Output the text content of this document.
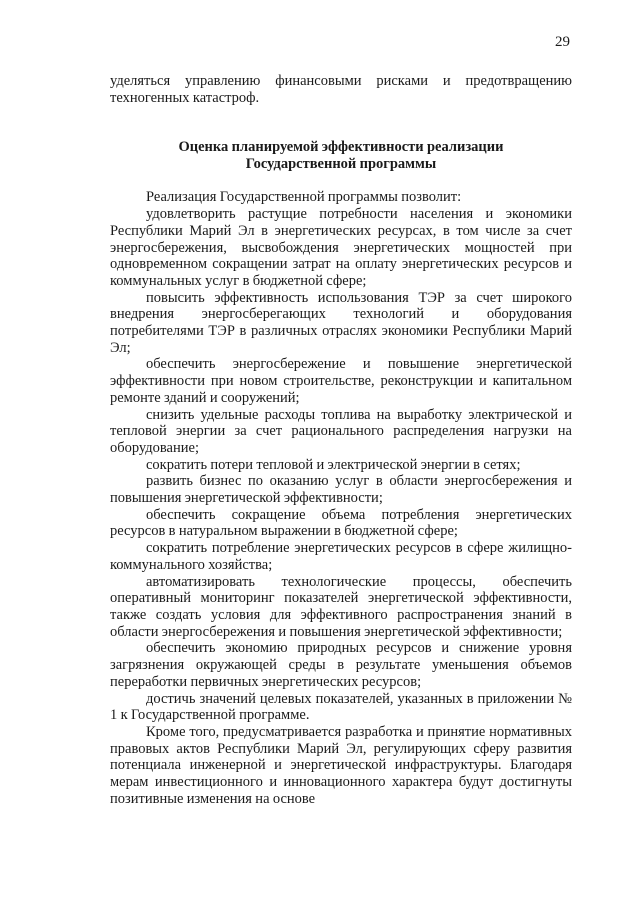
29

уделяться управлению финансовыми рисками и предотвращению техногенных катастроф.

Оценка планируемой эффективности реализации
Государственной программы

Реализация Государственной программы позволит:

удовлетворить растущие потребности населения и экономики Республики Марий Эл в энергетических ресурсах, в том числе за счет энергосбережения, высвобождения энергетических мощностей при одновременном сокращении затрат на оплату энергетических ресурсов и коммунальных услуг в бюджетной сфере;

повысить эффективность использования ТЭР за счет широкого внедрения энергосберегающих технологий и оборудования потребителями ТЭР в различных отраслях экономики Республики Марий Эл;

обеспечить энергосбережение и повышение энергетической эффективности при новом строительстве, реконструкции и капитальном ремонте зданий и сооружений;

снизить удельные расходы топлива на выработку электрической и тепловой энергии за счет рационального распределения нагрузки на оборудование;

сократить потери тепловой и электрической энергии в сетях;

развить бизнес по оказанию услуг в области энергосбережения и повышения энергетической эффективности;

обеспечить сокращение объема потребления энергетических ресурсов в натуральном выражении в бюджетной сфере;

сократить потребление энергетических ресурсов в сфере жилищно-коммунального хозяйства;

автоматизировать технологические процессы, обеспечить оперативный мониторинг показателей энергетической эффективности, также создать условия для эффективного распространения знаний в области энергосбережения и повышения энергетической эффективности;

обеспечить экономию природных ресурсов и снижение уровня загрязнения окружающей среды в результате уменьшения объемов переработки первичных энергетических ресурсов;

достичь значений целевых показателей, указанных в приложении № 1 к Государственной программе.

Кроме того, предусматривается разработка и принятие нормативных правовых актов Республики Марий Эл, регулирующих сферу развития потенциала инженерной и энергетической инфраструктуры. Благодаря мерам инвестиционного и инновационного характера будут достигнуты позитивные изменения на основе
